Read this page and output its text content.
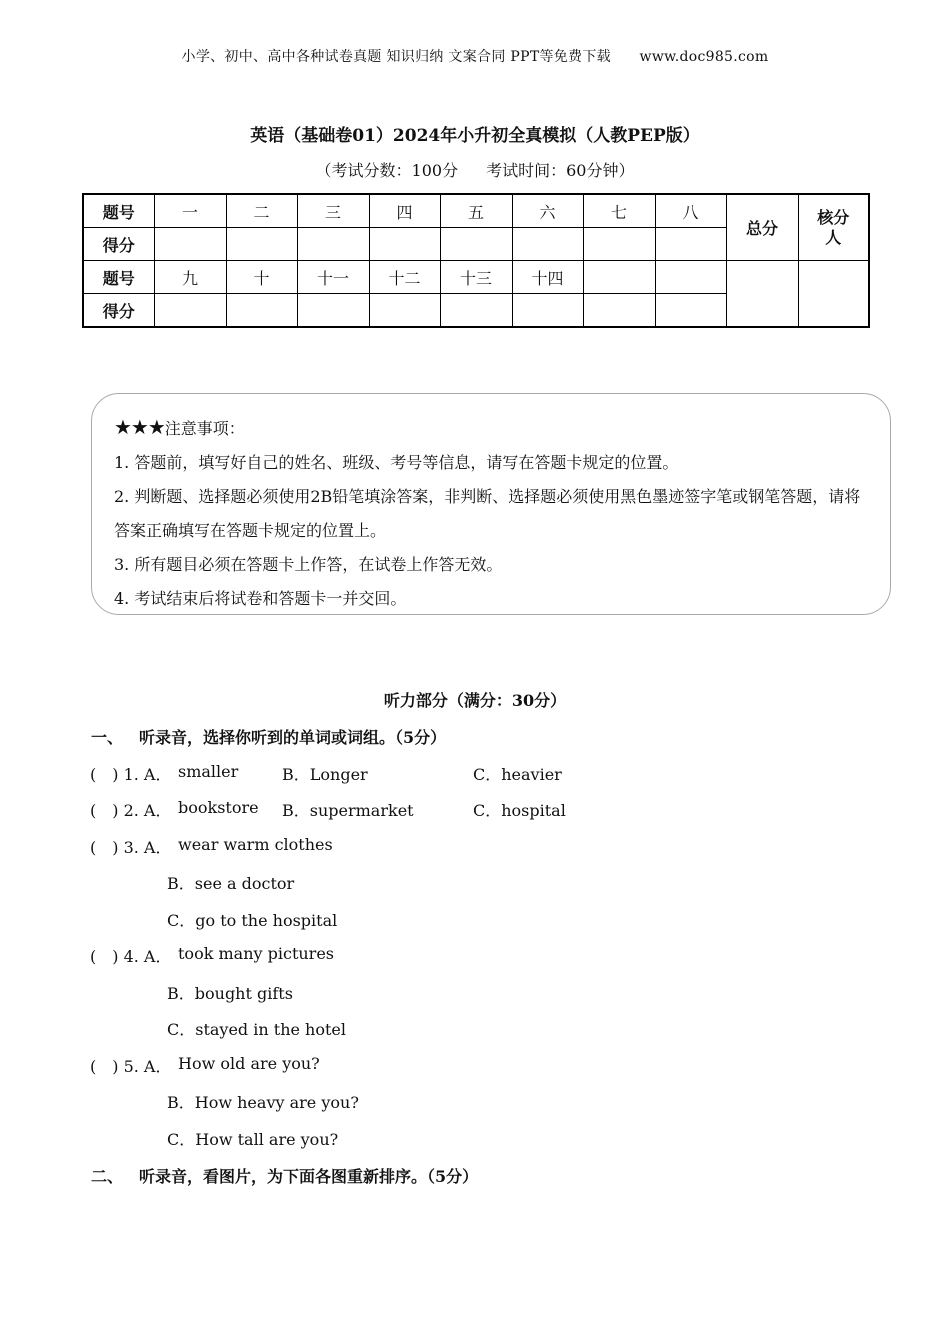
小学、初中、高中各种试卷真题 知识归纳 文案合同 PPT等免费下载　　www.doc985.com
英语（基础卷01）2024年小升初全真模拟（人教PEP版）
（考试分数：100分 考试时间：60分钟）
题号	一	二	三	四	五	六	七	八	总分	核分人
得分										
题号	九	十	十一	十二	十三	十四				
得分										

★★★注意事项：

1. 答题前，填写好自己的姓名、班级、考号等信息，请写在答题卡规定的位置。

2. 判断题、选择题必须使用2B铅笔填涂答案，非判断、选择题必须使用黑色墨迹签字笔或钢笔答题，请将答案正确填写在答题卡规定的位置上。

3. 所有题目必须在答题卡上作答，在试卷上作答无效。

4. 考试结束后将试卷和答题卡一并交回。

听力部分（满分：30分）
一、 听录音，选择你听到的单词或词组。（5分）
(　) 1. A． smaller	B．Longer	C．heavier
(　) 2. A． bookstore B．supermarket	C．hospital
(　) 3. A． wear warm clothes
B．see a doctor
C．go to the hospital
(　) 4. A． took many pictures
B．bought gifts
C．stayed in the hotel
(　) 5. A． How old are you?
B．How heavy are you?
C．How tall are you?
二、 听录音，看图片，为下面各图重新排序。（5分）
